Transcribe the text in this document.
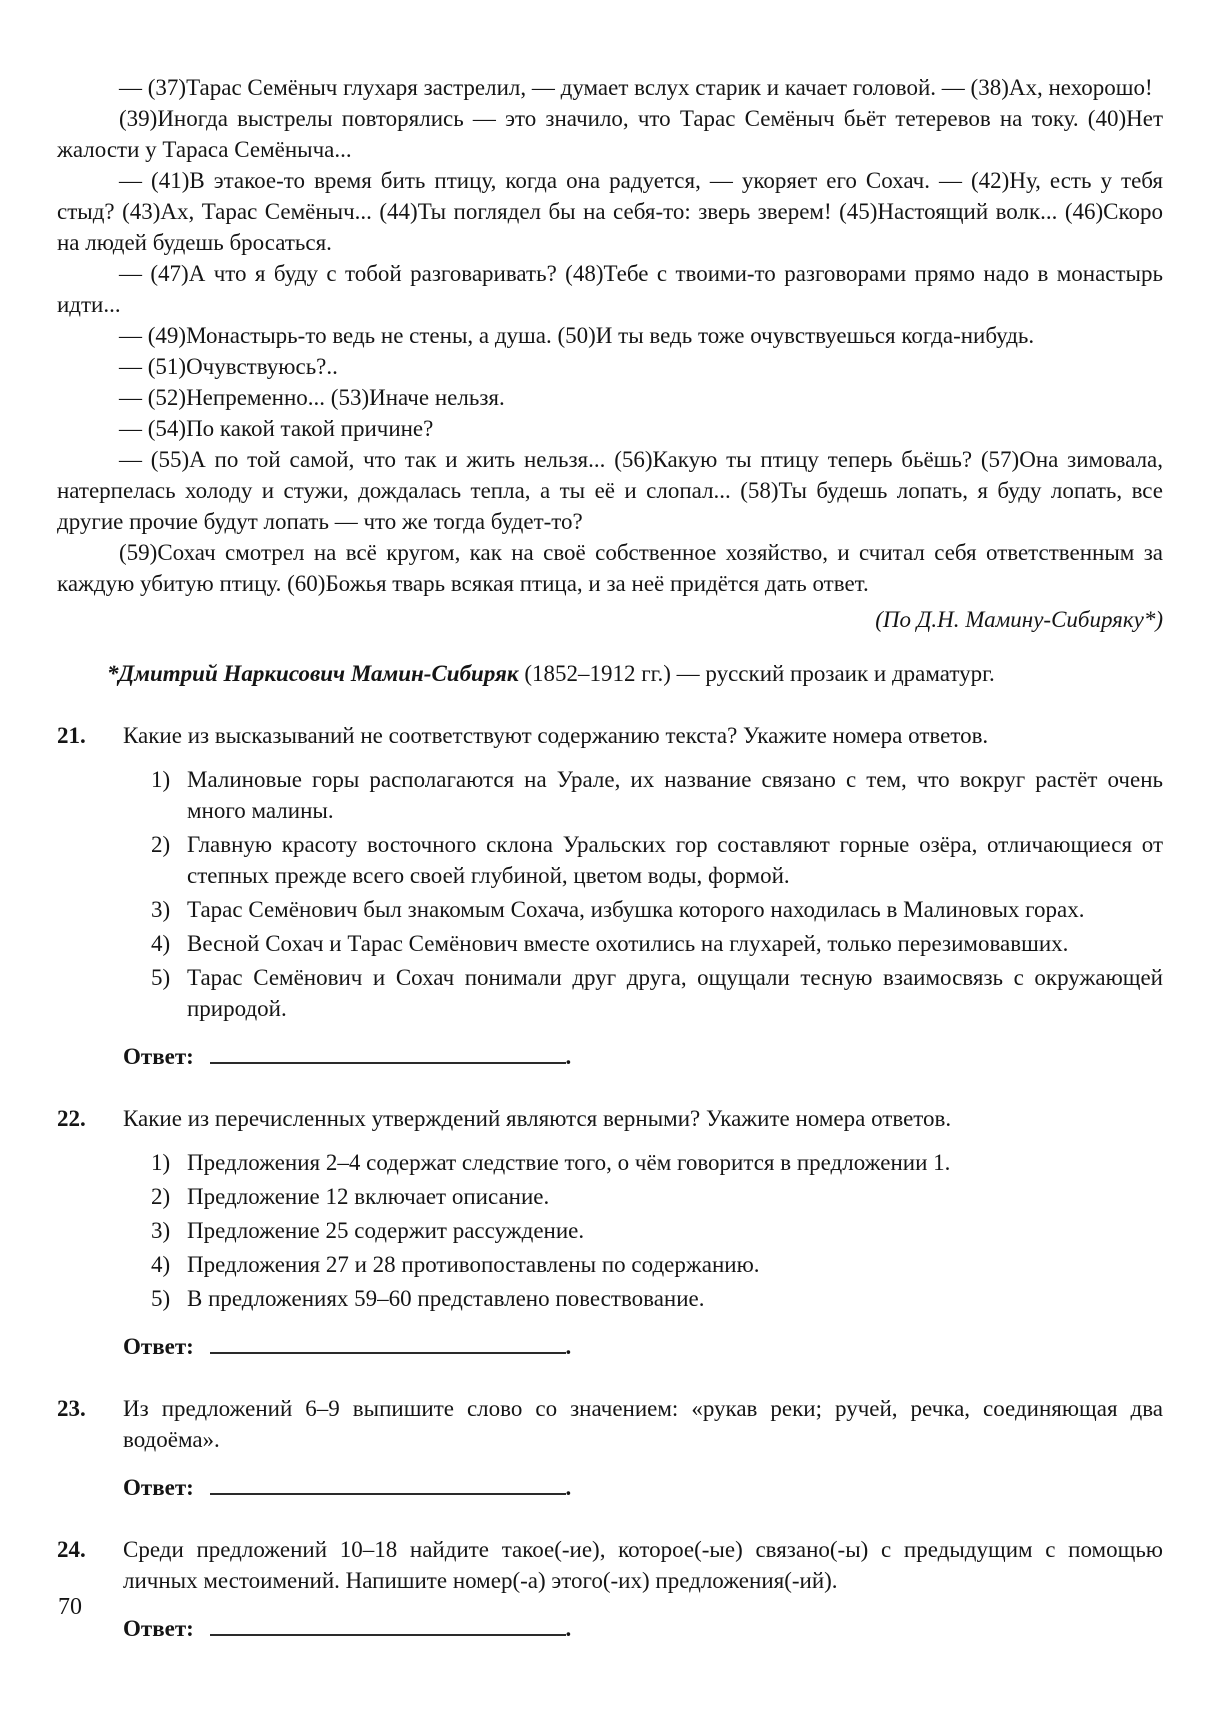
— (37)Тарас Семёныч глухаря застрелил, — думает вслух старик и качает головой. — (38)Ах, нехорошо!

(39)Иногда выстрелы повторялись — это значило, что Тарас Семёныч бьёт тетеревов на току. (40)Нет жалости у Тараса Семёныча...

— (41)В этакое-то время бить птицу, когда она радуется, — укоряет его Сохач. — (42)Ну, есть у тебя стыд? (43)Ах, Тарас Семёныч... (44)Ты поглядел бы на себя-то: зверь зверем! (45)Настоящий волк... (46)Скоро на людей будешь бросаться.

— (47)А что я буду с тобой разговаривать? (48)Тебе с твоими-то разговорами прямо надо в монастырь идти...

— (49)Монастырь-то ведь не стены, а душа. (50)И ты ведь тоже очувствуешься когда-нибудь.

— (51)Очувствуюсь?..

— (52)Непременно... (53)Иначе нельзя.

— (54)По какой такой причине?

— (55)А по той самой, что так и жить нельзя... (56)Какую ты птицу теперь бьёшь? (57)Она зимовала, натерпелась холоду и стужи, дождалась тепла, а ты её и слопал... (58)Ты будешь лопать, я буду лопать, все другие прочие будут лопать — что же тогда будет-то?

(59)Сохач смотрел на всё кругом, как на своё собственное хозяйство, и считал себя ответственным за каждую убитую птицу. (60)Божья тварь всякая птица, и за неё придётся дать ответ.

(По Д.Н. Мамину-Сибиряку*)
*Дмитрий Наркисович Мамин-Сибиряк (1852–1912 гг.) — русский прозаик и драматург.
21.	Какие из высказываний не соответствуют содержанию текста? Укажите номера ответов.

1) Малиновые горы располагаются на Урале, их название связано с тем, что вокруг растёт очень много малины.
2) Главную красоту восточного склона Уральских гор составляют горные озёра, отличающиеся от степных прежде всего своей глубиной, цветом воды, формой.
3) Тарас Семёнович был знакомым Сохача, избушка которого находилась в Малиновых горах.
4) Весной Сохач и Тарас Семёнович вместе охотились на глухарей, только перезимовавших.
5) Тарас Семёнович и Сохач понимали друг друга, ощущали тесную взаимосвязь с окружающей природой.
Ответ:	.
22.	Какие из перечисленных утверждений являются верными? Укажите номера ответов.

1) Предложения 2–4 содержат следствие того, о чём говорится в предложении 1.
2) Предложение 12 включает описание.
3) Предложение 25 содержит рассуждение.
4) Предложения 27 и 28 противопоставлены по содержанию.
5) В предложениях 59–60 представлено повествование.
Ответ:	.
23.	Из предложений 6–9 выпишите слово со значением: «рукав реки; ручей, речка, соединяющая два водоёма».

Ответ:	.
24.	Среди предложений 10–18 найдите такое(-ие), которое(-ые) связано(-ы) с предыдущим с помощью личных местоимений. Напишите номер(-а) этого(-их) предложения(-ий).

Ответ:	.
70
